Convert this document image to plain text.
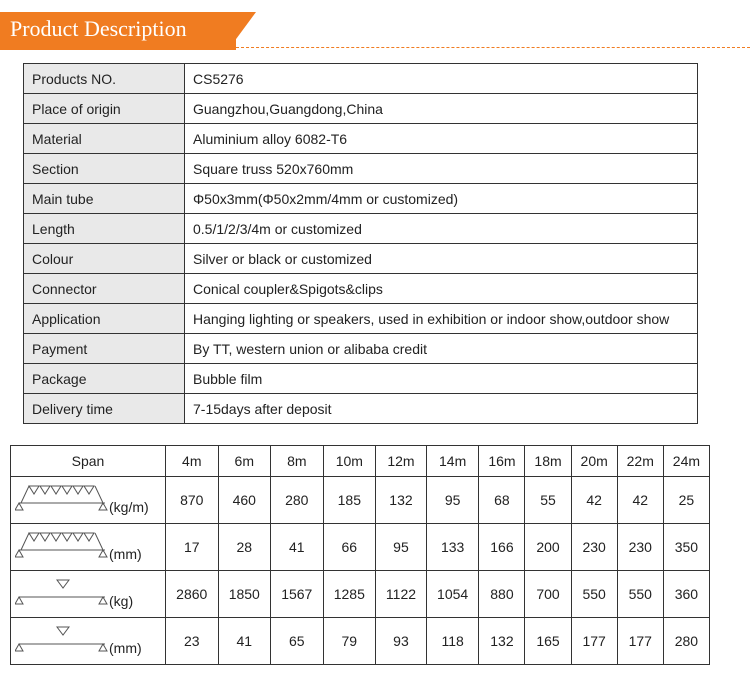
Product Description
Products NO.	CS5276
Place of origin	Guangzhou,Guangdong,China
Material	Aluminium alloy 6082-T6
Section	Square truss 520x760mm
Main tube	Φ50x3mm(Φ50x2mm/4mm or customized)
Length	0.5/1/2/3/4m or customized
Colour	Silver or black or customized
Connector	Conical coupler&Spigots&clips
Application	Hanging lighting or speakers, used in exhibition or indoor show,outdoor show
Payment	By TT, western union or alibaba credit
Package	Bubble film
Delivery time	7-15days after deposit
Span	4m	6m	8m	10m	12m	14m	16m	18m	20m	22m	24m

(kg/m)	870	460	280	185	132	95	68	55	42	42	25

(mm)	17	28	41	66	95	133	166	200	230	230	350

(kg)	2860	1850	1567	1285	1122	1054	880	700	550	550	360

(mm)	23	41	65	79	93	118	132	165	177	177	280
